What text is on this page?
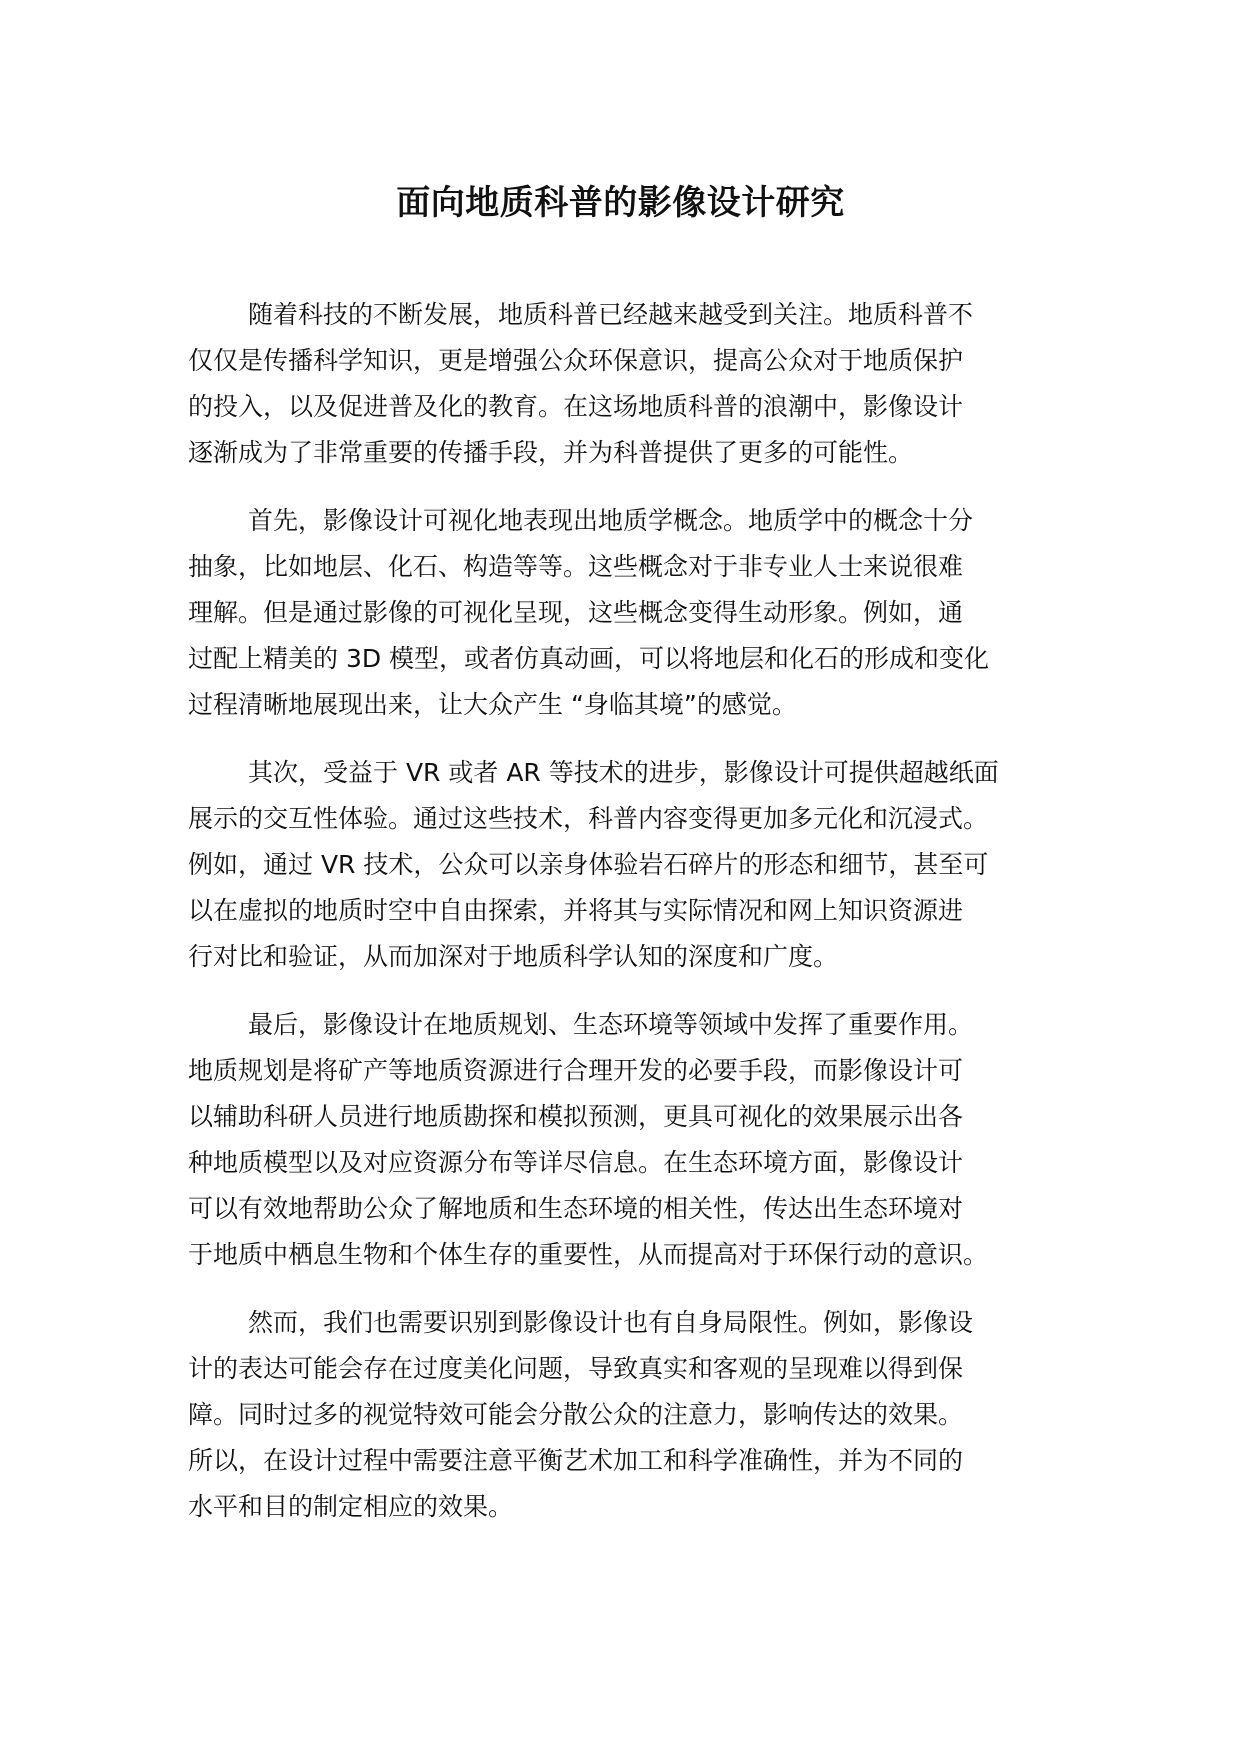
面向地质科普的影像设计研究
随着科技的不断发展，地质科普已经越来越受到关注。地质科普不
仅仅是传播科学知识，更是增强公众环保意识，提高公众对于地质保护
的投入，以及促进普及化的教育。在这场地质科普的浪潮中，影像设计
逐渐成为了非常重要的传播手段，并为科普提供了更多的可能性。
首先，影像设计可视化地表现出地质学概念。地质学中的概念十分
抽象，比如地层、化石、构造等等。这些概念对于非专业人士来说很难
理解。但是通过影像的可视化呈现，这些概念变得生动形象。例如，通
过配上精美的 3D 模型，或者仿真动画，可以将地层和化石的形成和变化
过程清晰地展现出来，让大众产生 “身临其境”的感觉。
其次，受益于 VR 或者 AR 等技术的进步，影像设计可提供超越纸面
展示的交互性体验。通过这些技术，科普内容变得更加多元化和沉浸式。
例如，通过 VR 技术，公众可以亲身体验岩石碎片的形态和细节，甚至可
以在虚拟的地质时空中自由探索，并将其与实际情况和网上知识资源进
行对比和验证，从而加深对于地质科学认知的深度和广度。
最后，影像设计在地质规划、生态环境等领域中发挥了重要作用。
地质规划是将矿产等地质资源进行合理开发的必要手段，而影像设计可
以辅助科研人员进行地质勘探和模拟预测，更具可视化的效果展示出各
种地质模型以及对应资源分布等详尽信息。在生态环境方面，影像设计
可以有效地帮助公众了解地质和生态环境的相关性，传达出生态环境对
于地质中栖息生物和个体生存的重要性，从而提高对于环保行动的意识。
然而，我们也需要识别到影像设计也有自身局限性。例如，影像设
计的表达可能会存在过度美化问题，导致真实和客观的呈现难以得到保
障。同时过多的视觉特效可能会分散公众的注意力，影响传达的效果。
所以，在设计过程中需要注意平衡艺术加工和科学准确性，并为不同的
水平和目的制定相应的效果。
